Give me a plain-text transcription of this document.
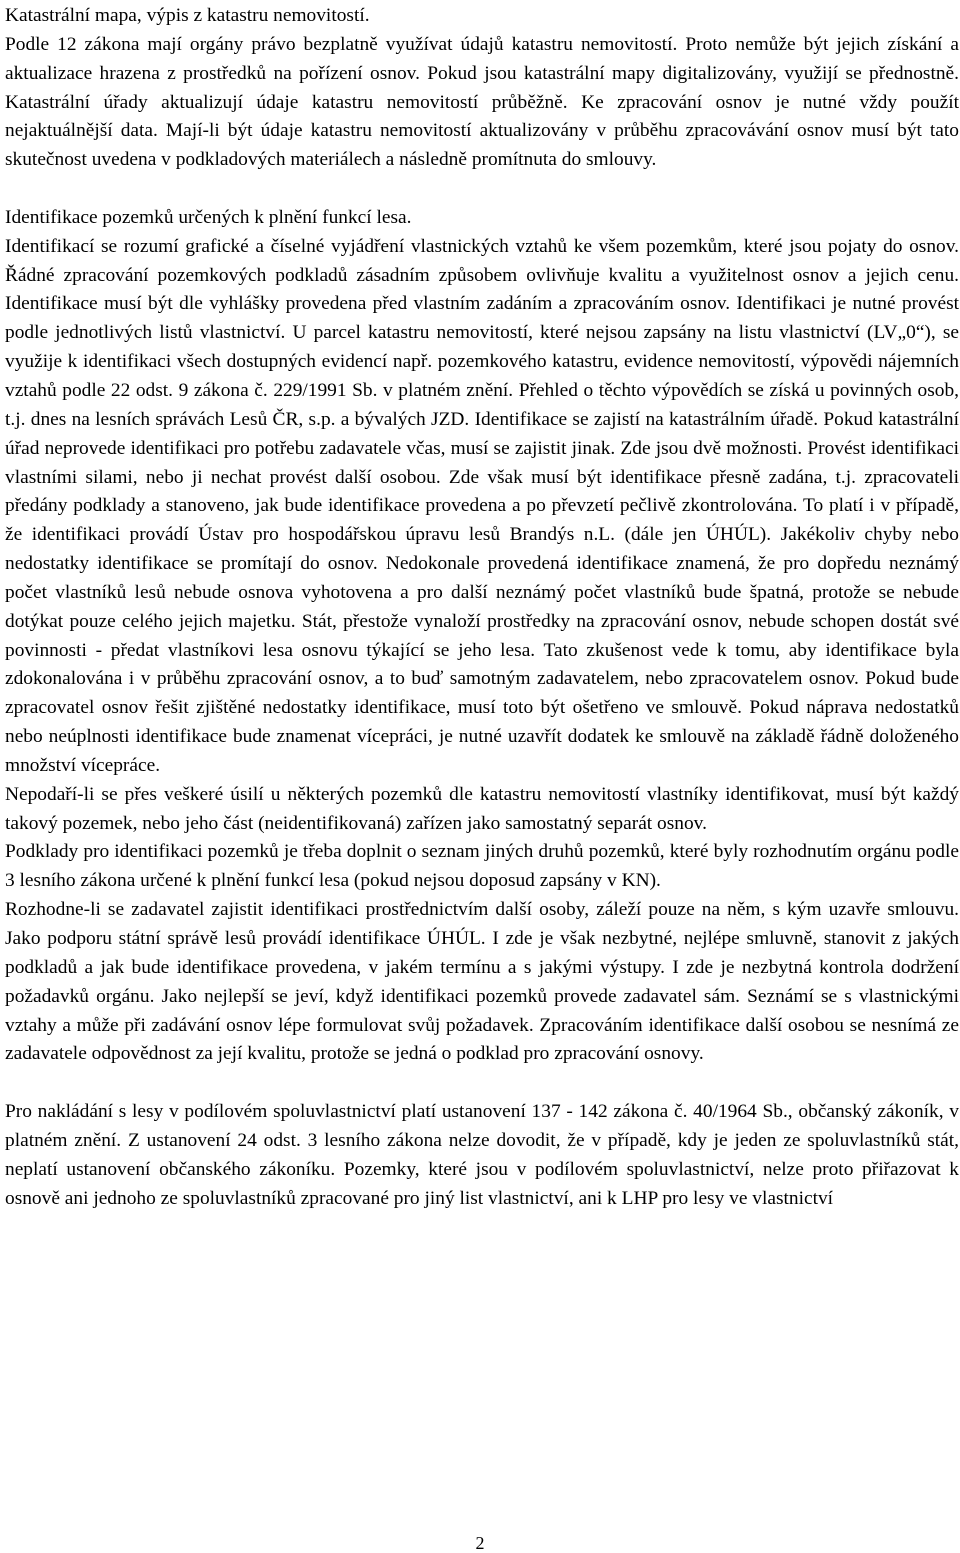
Katastrální mapa, výpis z katastru nemovitostí.

Podle 12 zákona mají orgány právo bezplatně využívat údajů katastru nemovitostí. Proto nemůže být jejich získání a aktualizace hrazena z prostředků na pořízení osnov. Pokud jsou katastrální mapy digitalizovány, využijí se přednostně. Katastrální úřady aktualizují údaje katastru nemovitostí průběžně. Ke zpracování osnov je nutné vždy použít nejaktuálnější data. Mají-li být údaje katastru nemovitostí aktualizovány v průběhu zpracovávání osnov musí být tato skutečnost uvedena v podkladových materiálech a následně promítnuta do smlouvy.

Identifikace pozemků určených k plnění funkcí lesa.

Identifikací se rozumí grafické a číselné vyjádření vlastnických vztahů ke všem pozemkům, které jsou pojaty do osnov. Řádné zpracování pozemkových podkladů zásadním způsobem ovlivňuje kvalitu a využitelnost osnov a jejich cenu. Identifikace musí být dle vyhlášky provedena před vlastním zadáním a zpracováním osnov. Identifikaci je nutné provést podle jednotlivých listů vlastnictví. U parcel katastru nemovitostí, které nejsou zapsány na listu vlastnictví (LV„0“), se využije k identifikaci všech dostupných evidencí např. pozemkového katastru, evidence nemovitostí, výpovědi nájemních vztahů podle 22 odst. 9 zákona č. 229/1991 Sb. v platném znění. Přehled o těchto výpovědích se získá u povinných osob, t.j. dnes na lesních správách Lesů ČR, s.p. a bývalých JZD. Identifikace se zajistí na katastrálním úřadě. Pokud katastrální úřad neprovede identifikaci pro potřebu zadavatele včas, musí se zajistit jinak. Zde jsou dvě možnosti. Provést identifikaci vlastními silami, nebo ji nechat provést další osobou. Zde však musí být identifikace přesně zadána, t.j. zpracovateli předány podklady a stanoveno, jak bude identifikace provedena a po převzetí pečlivě zkontrolována. To platí i v případě, že identifikaci provádí Ústav pro hospodářskou úpravu lesů Brandýs n.L. (dále jen ÚHÚL). Jakékoliv chyby nebo nedostatky identifikace se promítají do osnov. Nedokonale provedená identifikace znamená, že pro dopředu neznámý počet vlastníků lesů nebude osnova vyhotovena a pro další neznámý počet vlastníků bude špatná, protože se nebude dotýkat pouze celého jejich majetku. Stát, přestože vynaloží prostředky na zpracování osnov, nebude schopen dostát své povinnosti - předat vlastníkovi lesa osnovu týkající se jeho lesa. Tato zkušenost vede k tomu, aby identifikace byla zdokonalována i v průběhu zpracování osnov, a to buď samotným zadavatelem, nebo zpracovatelem osnov. Pokud bude zpracovatel osnov řešit zjištěné nedostatky identifikace, musí toto být ošetřeno ve smlouvě. Pokud náprava nedostatků nebo neúplnosti identifikace bude znamenat vícepráci, je nutné uzavřít dodatek ke smlouvě na základě řádně doloženého množství vícepráce.

Nepodaří-li se přes veškeré úsilí u některých pozemků dle katastru nemovitostí vlastníky identifikovat, musí být každý takový pozemek, nebo jeho část (neidentifikovaná) zařízen jako samostatný separát osnov.

Podklady pro identifikaci pozemků je třeba doplnit o seznam jiných druhů pozemků, které byly rozhodnutím orgánu podle 3 lesního zákona určené k plnění funkcí lesa (pokud nejsou doposud zapsány v KN).

Rozhodne-li se zadavatel zajistit identifikaci prostřednictvím další osoby, záleží pouze na něm, s kým uzavře smlouvu. Jako podporu státní správě lesů provádí identifikace ÚHÚL. I zde je však nezbytné, nejlépe smluvně, stanovit z jakých podkladů a jak bude identifikace provedena, v jakém termínu a s jakými výstupy. I zde je nezbytná kontrola dodržení požadavků orgánu. Jako nejlepší se jeví, když identifikaci pozemků provede zadavatel sám. Seznámí se s vlastnickými vztahy a může při zadávání osnov lépe formulovat svůj požadavek. Zpracováním identifikace další osobou se nesnímá ze zadavatele odpovědnost za její kvalitu, protože se jedná o podklad pro zpracování osnovy.

Pro nakládání s lesy v podílovém spoluvlastnictví platí ustanovení 137 - 142 zákona č. 40/1964 Sb., občanský zákoník, v platném znění. Z ustanovení 24 odst. 3 lesního zákona nelze dovodit, že v případě, kdy je jeden ze spoluvlastníků stát, neplatí ustanovení občanského zákoníku. Pozemky, které jsou v podílovém spoluvlastnictví, nelze proto přiřazovat k osnově ani jednoho ze spoluvlastníků zpracované pro jiný list vlastnictví, ani k LHP pro lesy ve vlastnictví

2
